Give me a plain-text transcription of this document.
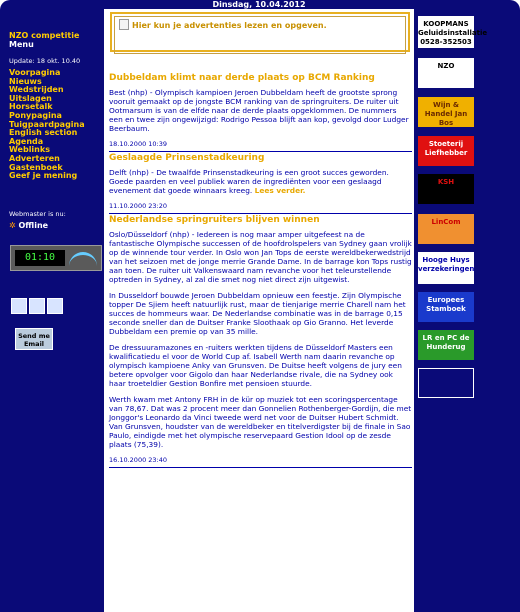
Dinsdag, 10.04.2012
Hier kun je advertenties lezen en opgeven.
NZO competitie
Menu
Update: 18 okt. 10.40
Voorpagina
Nieuws
Wedstrijden
Uitslagen
Horsetalk
Ponypagina
Tuigpaardpagina
English section
Agenda
Weblinks
Adverteren
Gastenboek
Geef je mening
Webmaster is nu:
✲ Offline
01:10
Send me Email
Dubbeldam klimt naar derde plaats op BCM Ranking

Best (nhp) - Olympisch kampioen Jeroen Dubbeldam heeft de grootste sprong vooruit gemaakt op de jongste BCM ranking van de springruiters. De ruiter uit Ootmarsum is van de elfde naar de derde plaats opgeklommen. De nummers een en twee zijn ongewijzigd: Rodrigo Pessoa blijft aan kop, gevolgd door Ludger Beerbaum.

18.10.2000 10:39
Geslaagde Prinsenstadkeuring

Delft (nhp) - De twaalfde Prinsenstadkeuring is een groot succes geworden. Goede paarden en veel publiek waren de ingrediënten voor een geslaagd evenement dat goede winnaars kreeg. Lees verder.

11.10.2000 23:20
Nederlandse springruiters blijven winnen

Oslo/Düsseldorf (nhp) - Iedereen is nog maar amper uitgefeest na de fantastische Olympische successen of de hoofdrolspelers van Sydney gaan vrolijk op de winnende tour verder. In Oslo won Jan Tops de eerste wereldbekerwedstrijd van het seizoen met de jonge merrie Grande Dame. In de barrage kon Tops rustig aan toen. De ruiter uit Valkenswaard nam revanche voor het teleurstellende optreden in Sydney, al zal die smet nog niet direct zijn uitgewist.

In Dusseldorf bouwde Jeroen Dubbeldam opnieuw een feestje. Zijn Olympische topper De Sjiem heeft natuurlijk rust, maar de tienjarige merrie Charell nam het succes de hommeurs waar. De Nederlandse combinatie was in de barrage 0,15 seconde sneller dan de Duitser Franke Sloothaak op Gio Granno. Het leverde Dubbeldam een premie op van 35 mille.

De dressuuramazones en -ruiters werkten tijdens de Düsseldorf Masters een kwalificatiedu el voor de World Cup af. Isabell Werth nam daarin revanche op olympisch kampioene Anky van Grunsven. De Duitse heeft volgens de jury een betere opvolger voor Gigolo dan haar Nederlandse rivale, die na Sydney ook haar troeteldier Gestion Bonfire met pensioen stuurde.

Werth kwam met Antony FRH in de kür op muziek tot een scoringspercentage van 78,67. Dat was 2 procent meer dan Gonnelien Rothenberger-Gordijn, die met Jonggor's Leonardo da Vinci tweede werd net voor de Duitser Hubert Schmidt. Van Grunsven, houdster van de wereldbeker en titelverdigster bij de finale in Sao Paulo, eindigde met het olympische reservepaard Gestion Idool op de zesde plaats (75,39).

16.10.2000 23:40
KOOPMANS Geluidsinstallatie 0528-352503
NZO
Wijn & Handel Jan Bos
Stoeterij Liefhebber
KSH
LinCom
Hooge Huys verzekeringen
Europees Stamboek
LR en PC de Hunderug
